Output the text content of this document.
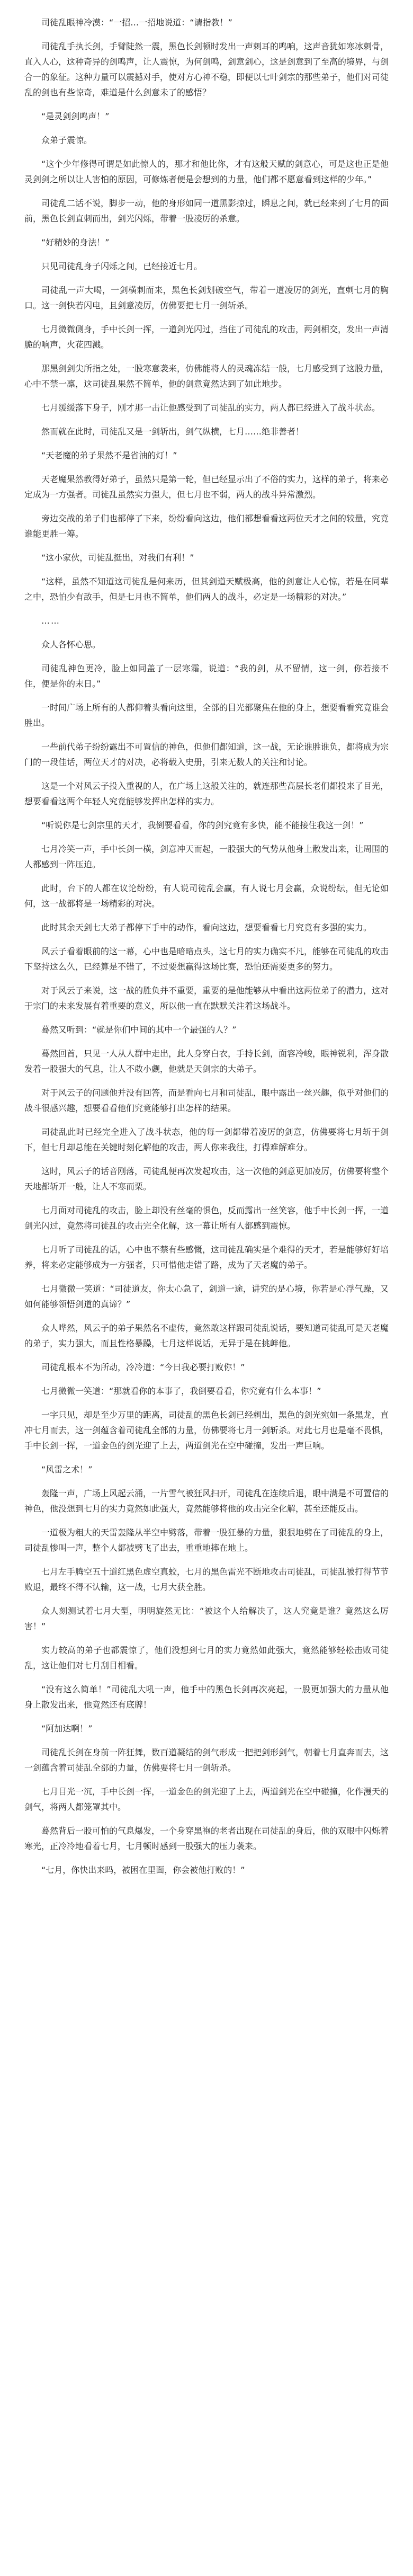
司徒乱眼神冷漠：“一招…一招地说道：“请指教！”

司徒乱手执长剑，手臂陡然一震，黑色长剑顿时发出一声刺耳的鸣响，这声音犹如寒冰刺骨，直入人心，这种奇异的剑鸣声，让人震惊，为何剑鸣，剑意剑心，这是剑意到了至高的境界，与剑合一的象征。这种力量可以震撼对手，使对方心神不稳，即便以七叶剑宗的那些弟子，他们对司徒乱的剑也有些惊奇，难道是什么剑意未了的感悟？

“是灵剑剑鸣声！”

众弟子震惊。

“这个少年修得可谓是如此惊人的，那才和他比你，才有这般天赋的剑意心，可是这也正是他灵剑剑之所以让人害怕的原因，可修炼者便是会想到的力量，他们都不愿意看到这样的少年。”

司徒乱二话不说，脚步一动，他的身形如同一道黑影掠过，瞬息之间，就已经来到了七月的面前，黑色长剑直刺而出，剑光闪烁，带着一股凌厉的杀意。

“好精妙的身法！”

只见司徒乱身子闪烁之间，已经接近七月。

司徒乱一声大喝，一剑横刺而来，黑色长剑划破空气，带着一道凌厉的剑光，直刺七月的胸口。这一剑快若闪电，且剑意凌厉，仿佛要把七月一剑斩杀。

七月微微侧身，手中长剑一挥，一道剑光闪过，挡住了司徒乱的攻击，两剑相交，发出一声清脆的响声，火花四溅。

那黑剑剑尖所指之处，一股寒意袭来，仿佛能将人的灵魂冻结一般，七月感受到了这股力量，心中不禁一凛，这司徒乱果然不简单，他的剑意竟然达到了如此地步。

七月缓缓落下身子，刚才那一击让他感受到了司徒乱的实力，两人都已经进入了战斗状态。

然而就在此时，司徒乱又是一剑斩出，剑气纵横，七月……绝非善者！

“天老魔的弟子果然不是省油的灯！”

天老魔果然教得好弟子，虽然只是第一轮，但已经显示出了不俗的实力，这样的弟子，将来必定成为一方强者。司徒乱虽然实力强大，但七月也不弱，两人的战斗异常激烈。

旁边交战的弟子们也都停了下来，纷纷看向这边，他们都想看看这两位天才之间的较量，究竟谁能更胜一筹。

“这小家伙，司徒乱挺出，对我们有利！”

“这样，虽然不知道这司徒乱是何来历，但其剑道天赋极高，他的剑意让人心惊，若是在同辈之中，恐怕少有敌手，但是七月也不简单，他们两人的战斗，必定是一场精彩的对决。”

……

众人各怀心思。

司徒乱神色更冷，脸上如同盖了一层寒霜，说道：“我的剑，从不留情，这一剑，你若接不住，便是你的末日。”

一时间广场上所有的人都仰着头看向这里，全部的目光都聚焦在他的身上，想要看看究竟谁会胜出。

一些前代弟子纷纷露出不可置信的神色，但他们都知道，这一战，无论谁胜谁负，都将成为宗门的一段佳话，两位天才的对决，必将载入史册，引来无数人的关注和讨论。

这是一个对风云子投入重视的人，在广场上这般关注的，就连那些高层长老们都投来了目光，想要看看这两个年轻人究竟能够发挥出怎样的实力。

“听说你是七剑宗里的天才，我倒要看看，你的剑究竟有多快，能不能接住我这一剑！”

七月冷笑一声，手中长剑一横，剑意冲天而起，一股强大的气势从他身上散发出来，让周围的人都感到一阵压迫。

此时，台下的人都在议论纷纷，有人说司徒乱会赢，有人说七月会赢，众说纷纭，但无论如何，这一战都将是一场精彩的对决。

此时其余天剑七大弟子都停下手中的动作，看向这边，想要看看七月究竟有多强的实力。

风云子看着眼前的这一幕，心中也是暗暗点头，这七月的实力确实不凡，能够在司徒乱的攻击下坚持这么久，已经算是不错了，不过要想赢得这场比赛，恐怕还需要更多的努力。

对于风云子来说，这一战的胜负并不重要，重要的是他能够从中看出这两位弟子的潜力，这对于宗门的未来发展有着重要的意义，所以他一直在默默关注着这场战斗。

蓦然又听到：“就是你们中间的其中一个最强的人？”

蓦然回首，只见一人从人群中走出，此人身穿白衣，手持长剑，面容冷峻，眼神锐利，浑身散发着一股强大的气息，让人不敢小觑，他就是天剑宗的大弟子。

对于风云子的问题他并没有回答，而是看向七月和司徒乱，眼中露出一丝兴趣，似乎对他们的战斗很感兴趣，想要看看他们究竟能够打出怎样的结果。

司徒乱此时已经完全进入了战斗状态，他的每一剑都带着凌厉的剑意，仿佛要将七月斩于剑下，但七月却总能在关键时刻化解他的攻击，两人你来我往，打得难解难分。

这时，风云子的话音刚落，司徒乱便再次发起攻击，这一次他的剑意更加凌厉，仿佛要将整个天地都斩开一般，让人不寒而栗。

七月面对司徒乱的攻击，脸上却没有丝毫的惧色，反而露出一丝笑容，他手中长剑一挥，一道剑光闪过，竟然将司徒乱的攻击完全化解，这一幕让所有人都感到震惊。

七月听了司徒乱的话，心中也不禁有些感慨，这司徒乱确实是个难得的天才，若是能够好好培养，将来必定能够成为一方强者，只可惜他走错了路，成为了天老魔的弟子。

七月微微一笑道：“司徒道友，你太心急了，剑道一途，讲究的是心境，你若是心浮气躁，又如何能够领悟剑道的真谛？”

众人哗然，风云子的弟子果然名不虚传，竟然敢这样跟司徒乱说话，要知道司徒乱可是天老魔的弟子，实力强大，而且性格暴躁，七月这样说话，无异于是在挑衅他。

司徒乱根本不为所动，冷冷道：“今日我必要打败你！”

七月微微一笑道：“那就看你的本事了，我倒要看看，你究竟有什么本事！”

一字只见，却是至少万里的距离，司徒乱的黑色长剑已经刺出，黑色的剑光宛如一条黑龙，直冲七月而去，这一剑蕴含着司徒乱全部的力量，仿佛要将七月一剑斩杀。对此七月也是毫不畏惧，手中长剑一挥，一道金色的剑光迎了上去，两道剑光在空中碰撞，发出一声巨响。

“风雷之术！”

轰隆一声，广场上风起云涌，一片雪气被狂风扫开，司徒乱在连续后退，眼中满是不可置信的神色，他没想到七月的实力竟然如此强大，竟然能够将他的攻击完全化解，甚至还能反击。

一道极为粗大的天雷轰隆从半空中劈落，带着一股狂暴的力量，狠狠地劈在了司徒乱的身上，司徒乱惨叫一声，整个人都被劈飞了出去，重重地摔在地上。

七月左手腾空五十道红黑色虚空真蛟，七月的黑色雷光不断地攻击司徒乱，司徒乱被打得节节败退，最终不得不认输，这一战，七月大获全胜。

众人刻测试着七月大型，明明旋然无比：“被这个人给解决了，这人究竟是谁？竟然这么厉害！”

实力较高的弟子也都震惊了，他们没想到七月的实力竟然如此强大，竟然能够轻松击败司徒乱，这让他们对七月刮目相看。

“没有这么简单！”司徒乱大吼一声，他手中的黑色长剑再次亮起，一股更加强大的力量从他身上散发出来，他竟然还有底牌！

“阿加达啊！”

司徒乱长剑在身前一阵狂舞，数百道凝结的剑气形成一把把剑形剑气，朝着七月直奔而去，这一剑蕴含着司徒乱全部的力量，仿佛要将七月一剑斩杀。

七月目光一沉，手中长剑一挥，一道金色的剑光迎了上去，两道剑光在空中碰撞，化作漫天的剑气，将两人都笼罩其中。

蓦然背后一股可怕的气息爆发，一个身穿黑袍的老者出现在司徒乱的身后，他的双眼中闪烁着寒光，正冷冷地看着七月，七月顿时感到一股强大的压力袭来。

“七月，你快出来吗，被困在里面，你会被他打败的！”
